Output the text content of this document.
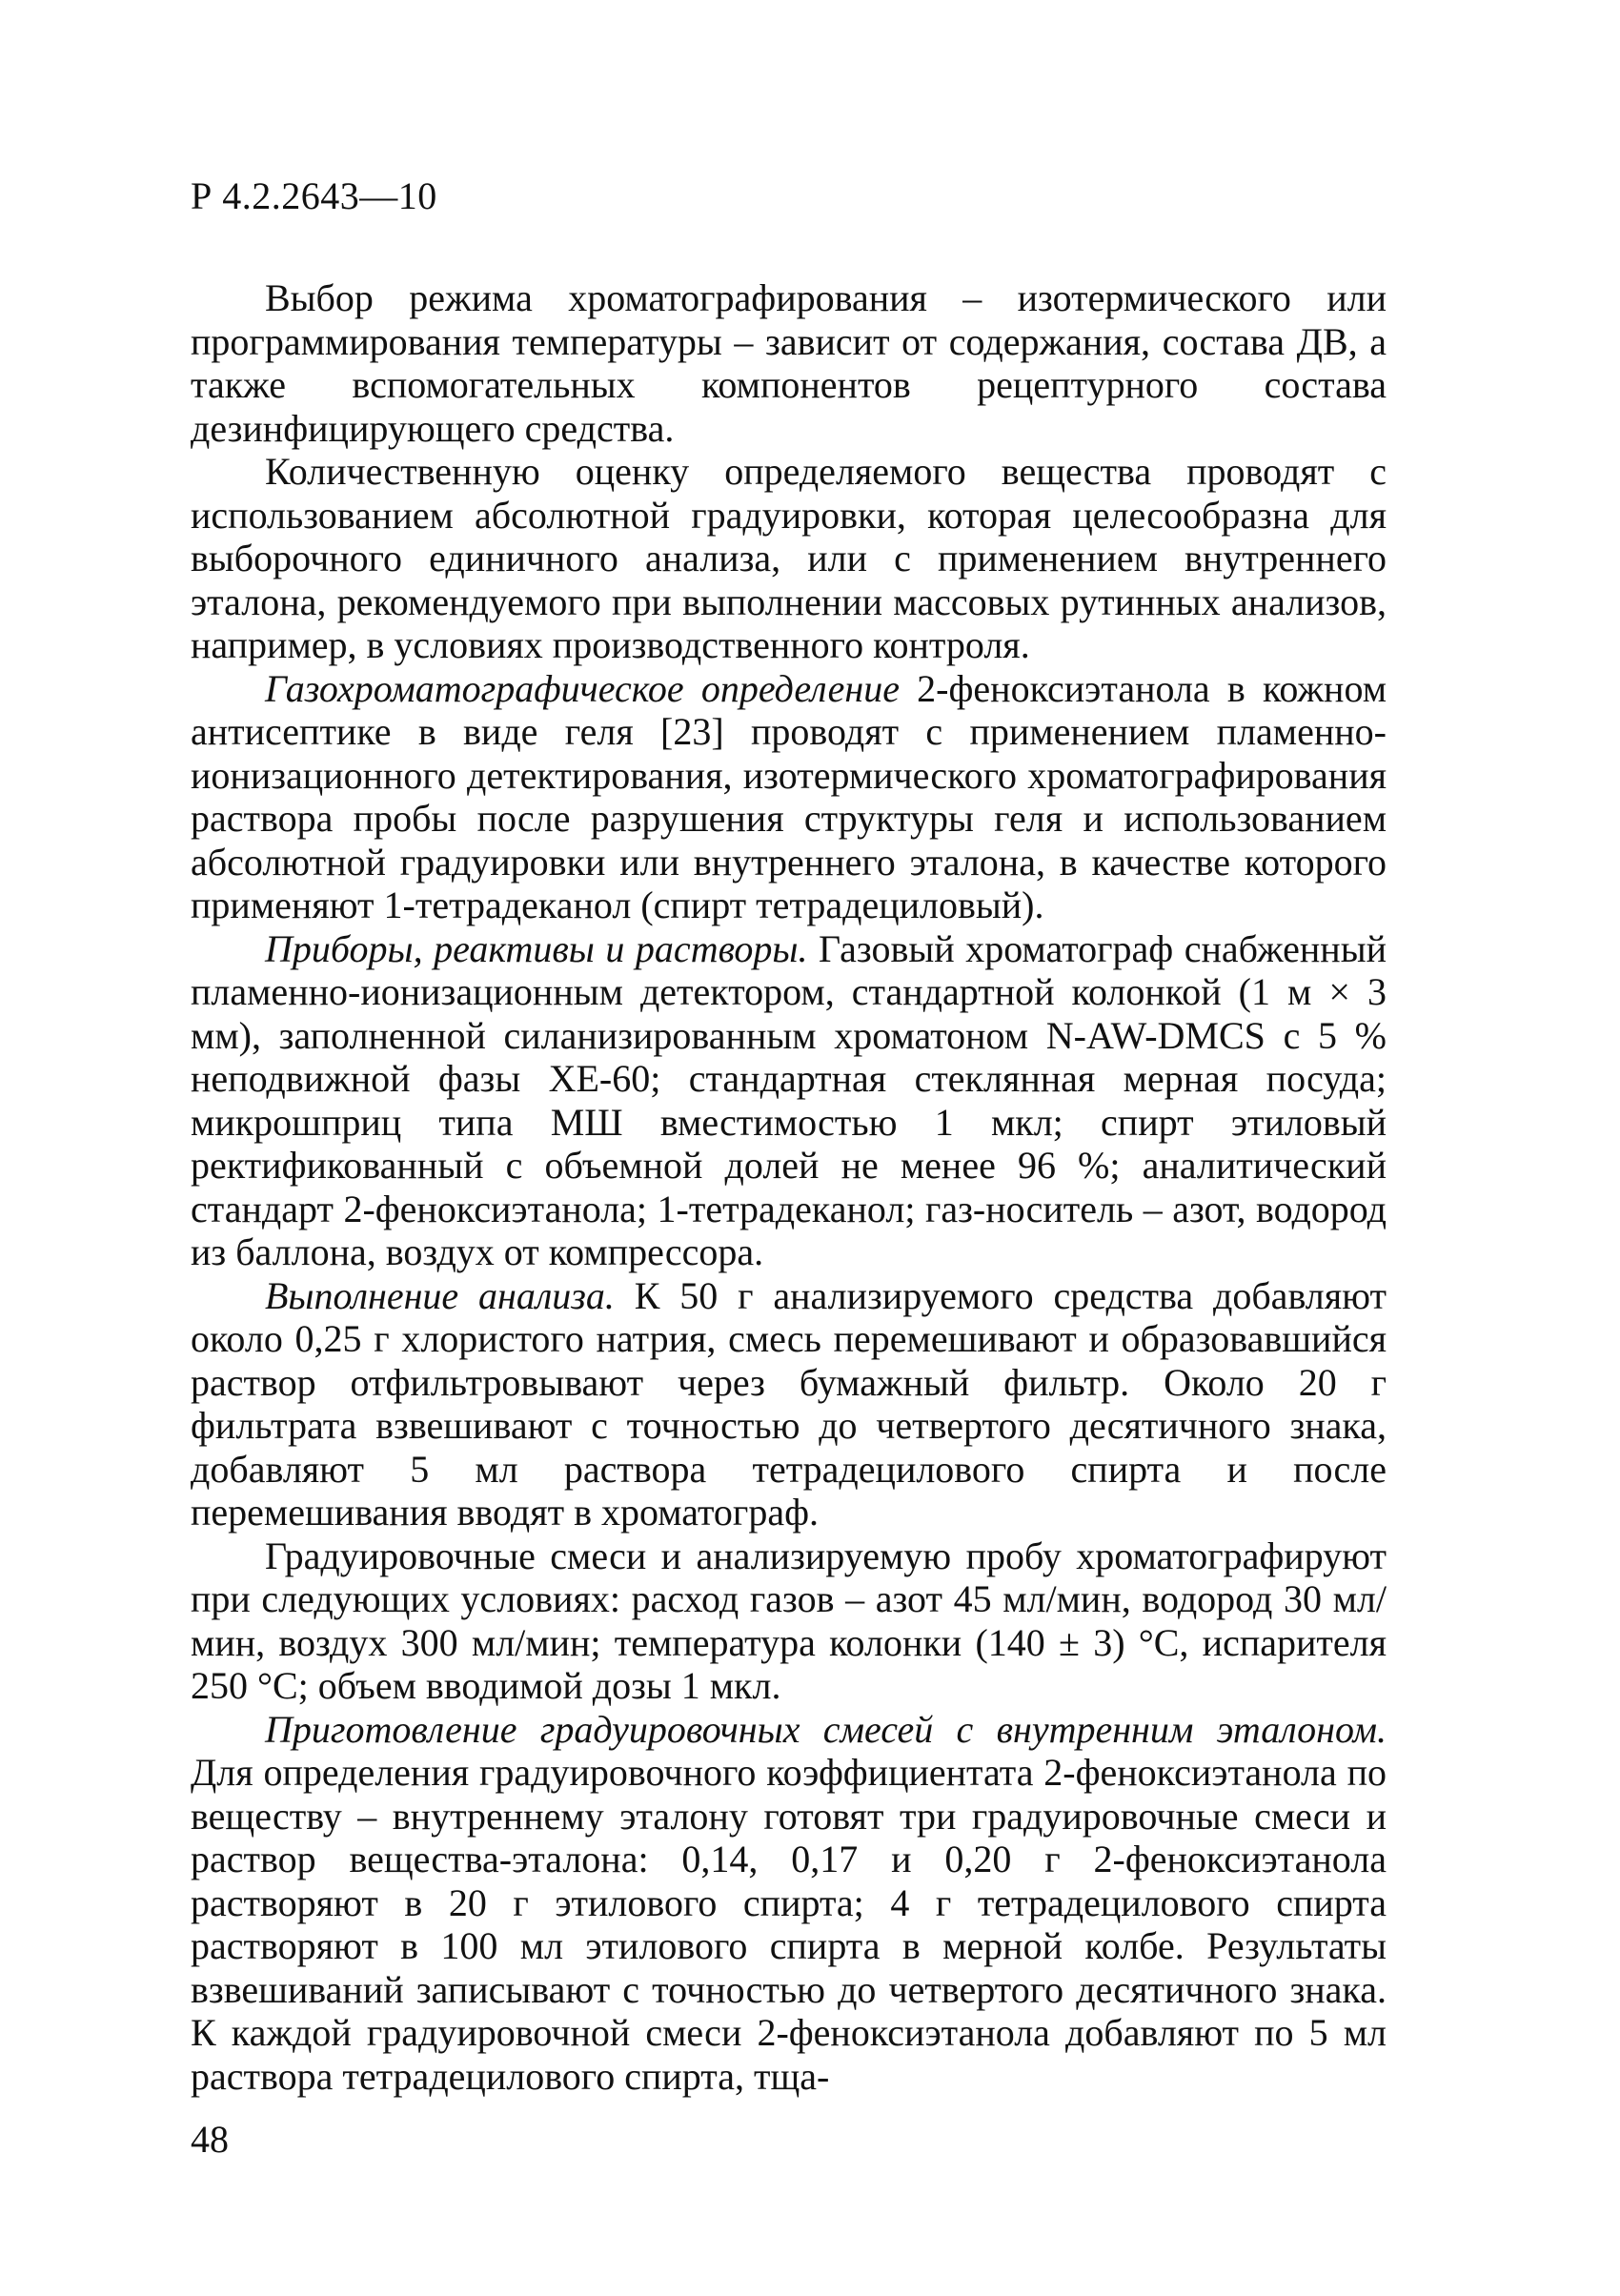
Р 4.2.2643—10

Выбор режима хроматографирования – изотермического или программирования температуры – зависит от содержания, состава ДВ, а также вспомогательных компонентов рецептурного состава дезинфицирующего средства.

Количественную оценку определяемого вещества проводят с использованием абсолютной градуировки, которая целесообразна для выборочного единичного анализа, или с применением внутреннего эталона, рекомендуемого при выполнении массовых рутинных анализов, например, в условиях производственного контроля.

Газохроматографическое определение 2-феноксиэтанола в кожном антисептике в виде геля [23] проводят с применением пламенно-ионизационного детектирования, изотермического хроматографирования раствора пробы после разрушения структуры геля и использованием абсолютной градуировки или внутреннего эталона, в качестве которого применяют 1-тетрадеканол (спирт тетрадециловый).

Приборы, реактивы и растворы. Газовый хроматограф снабженный пламенно-ионизационным детектором, стандартной колонкой (1 м × 3 мм), заполненной силанизированным хроматоном N-AW-DMCS с 5 % неподвижной фазы ХЕ-60; стандартная стеклянная мерная посуда; микрошприц типа МШ вместимостью 1 мкл; спирт этиловый ректификованный с объемной долей не менее 96 %; аналитический стандарт 2-феноксиэтанола; 1-тетрадеканол; газ-носитель – азот, водород из баллона, воздух от компрессора.

Выполнение анализа. К 50 г анализируемого средства добавляют около 0,25 г хлористого натрия, смесь перемешивают и образовавшийся раствор отфильтровывают через бумажный фильтр. Около 20 г фильтрата взвешивают с точностью до четвертого десятичного знака, добавляют 5 мл раствора тетрадецилового спирта и после перемешивания вводят в хроматограф.

Градуировочные смеси и анализируемую пробу хроматографируют при следующих условиях: расход газов – азот 45 мл/мин, водород 30 мл/мин, воздух 300 мл/мин; температура колонки (140 ± 3) °С, испарителя 250 °С; объем вводимой дозы 1 мкл.

Приготовление градуировочных смесей с внутренним эталоном. Для определения градуировочного коэффициентата 2-феноксиэтанола по веществу – внутреннему эталону готовят три градуировочные смеси и раствор вещества-эталона: 0,14, 0,17 и 0,20 г 2-феноксиэтанола растворяют в 20 г этилового спирта; 4 г тетрадецилового спирта растворяют в 100 мл этилового спирта в мерной колбе. Результаты взвешиваний записывают с точностью до четвертого десятичного знака. К каждой градуировочной смеси 2-феноксиэтанола добавляют по 5 мл раствора тетрадецилового спирта, тща-

48
